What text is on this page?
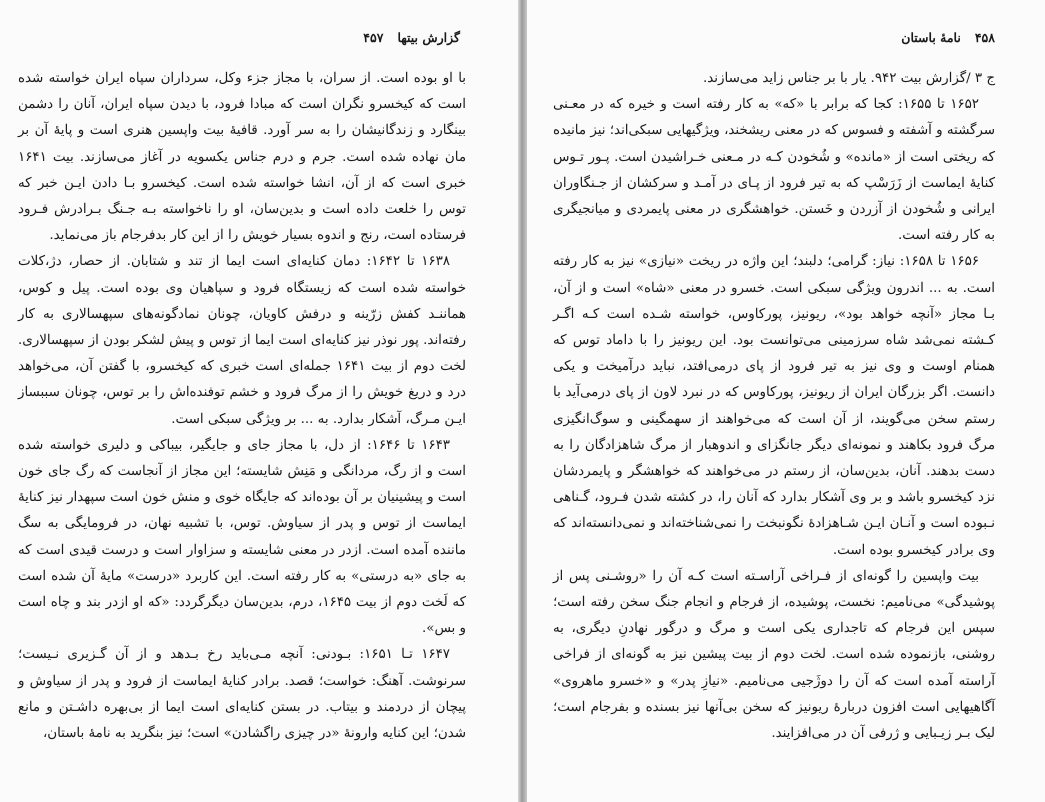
گزارش بیتها
۴۵۷

با او بوده است. از سران، با مجاز جزء وکل، سرداران سپاه ایران خواسته شده است که کیخسرو نگران است که مبادا فرود، با دیدن سپاه ایران، آنان را دشمن بینگارد و زندگانیشان را به سر آورد. قافیهٔ بیت واپسین هنری است و پایهٔ آن بر مان نهاده شده است. جرم و درم جناس یکسویه در آغاز می‌سازند. بیت ۱۶۴۱ خبری است که از آن، انشا خواسته شده است. کیخسرو بـا دادن ایـن خبر که توس را خلعت داده است و بدین‌سان، او را ناخواسته بـه جـنگ بـرادرش فـرود فرستاده است، رنج و اندوه بسیار خویش را از این کار بدفرجام باز می‌نماید.

۱۶۳۸ تا ۱۶۴۲: دمان کنایه‌ای است ایما از تند و شتابان. از حصار، دژ،کلات خواسته شده است که زیستگاه فرود و سپاهیان وی بوده است. پیل و کوس، هماننـد کفش زرّینه و درفش کاویان، چونان نمادگونه‌های سپهسالاری به کار رفته‌اند. پور نوذر نیز کنایه‌ای است ایما از توس و پیش لشکر بودن از سپهسالاری. لخت دوم از بیت ۱۶۴۱ جمله‌ای است خبری که کیخسرو، با گفتن آن، می‌خواهد درد و دریغ خویش را از مرگ فرود و خشم توفنده‌اش را بر توس، چونان سببساز ایـن مـرگ، آشکار بدارد. به ... بر ویژگی سبکی است.

۱۶۴۳ تا ۱۶۴۶: از دل، با مجاز جای و جایگیر، بیباکی و دلیری خواسته شده است و از رگ، مردانگی و مَنِش شایسته؛ این مجاز از آنجاست که رگ جای خون است و پیشینیان بر آن بوده‌اند که جایگاه خوی و منش خون است سپهدار نیز کنایهٔ ایماست از توس و پدر از سیاوش. توس، با تشبیه نهان، در فرومایگی به سگ ماننده آمده است. ازدر در معنی شایسته و سزاوار است و درست قیدی است که به جای «به درستی» به کار رفته است. این کاربرد «درست» مایهٔ آن شده است که لَخت دوم از بیت ۱۶۴۵، درم، بدین‌سان دیگرگردد: «که او ازدر بند و چاه است و بس».

۱۶۴۷ تـا ۱۶۵۱: بـودنی: آنچه مـی‌باید رخ بـدهد و از آن گـزیری نـیست؛ سرنوشت. آهنگ: خواست؛ قصد. برادر کنایهٔ ایماست از فرود و پدر از سیاوش و پیچان از دردمند و بیتاب. در بستن کنایه‌ای است ایما از بی‌بهره داشـتن و مانع شدن؛ این کنایه وارونهٔ «در چیزی راگشادن» است؛ نیز بنگرید به نامهٔ باستان،

۴۵۸
نامهٔ باستان

ج ۳ /گزارش بیت ۹۴۲. یار با بر جناس زاید می‌سازند.

۱۶۵۲ تا ۱۶۵۵: کجا که برابر با «که» به کار رفته است و خیره که در معـنی سرگشته و آشفته و فسوس که در معنی ریشخند، ویژگیهایی سبکی‌اند؛ نیز مانیده که ریختی است از «مانده» و شُخودن کـه در مـعنی خـراشیدن است. پـور تـوس کنایهٔ ایماست از زَرَسْپ که به تیر فرود از پـای در آمـد و سرکشان از جـنگاوران ایرانی و شُخودن از آزردن و خَستن. خواهشگری در معنی پایمردی و میانجیگری به کار رفته است.

۱۶۵۶ تا ۱۶۵۸: نیاز: گرامی؛ دلبند؛ این واژه در ریخت «نیازی» نیز به کار رفته است. به ... اندرون ویژگی سبکی است. خسرو در معنی «شاه» است و از آن، بـا مجاز «آنچه خواهد بود»، ریونیز، پورکاوس، خواسته شـده است کـه اگـر کـشته نمی‌شد شاه سرزمینی می‌توانست بود. این ریونیز را با داماد توس که همنام اوست و وی نیز به تیر فرود از پای درمی‌افتد، نباید درآمیخت و یکی دانست. اگر بزرگان ایران از ریونیز، پورکاوس که در نبرد لاون از پای درمی‌آید با رستم سخن می‌گویند، از آن است که می‌خواهند از سهمگینی و سوگ‌انگیزی مرگ فرود بکاهند و نمونه‌ای دیگر جانگزای و اندوهبار از مرگ شاهزادگان را به دست بدهند. آنان، بدین‌سان، از رستم در می‌خواهند که خواهشگر و پایمردشان نزد کیخسرو باشد و بر وی آشکار بدارد که آنان را، در کشته شدن فـرود، گـناهی نـبوده است و آنـان ایـن شـاهزادهٔ نگونبخت را نمی‌شناخته‌اند و نمی‌دانسته‌اند که وی برادر کیخسرو بوده است.

بیت واپسین را گونه‌ای از فـراخی آراسـته است کـه آن را «روشـنی پس از پوشیدگی» می‌نامیم: نخست، پوشیده، از فرجام و انجام جنگ سخن رفته است؛ سپس این فرجام که تاجداری یکی است و مرگ و درگور نهادنِ دیگری، به روشنی، بازنموده شده است. لخت دوم از بیت پیشین نیز به گونه‌ای از فراخی آراسته آمده است که آن را دوژَجیی می‌نامیم. «نیازِ پدر» و «خسرو ماهروی» آگاهیهایی است افزون دربارهٔ ریونیز که سخن بی‌آنها نیز بسنده و بفرجام است؛ لیک بـر زیـبایی و ژرفی آن در می‌افزایند.
